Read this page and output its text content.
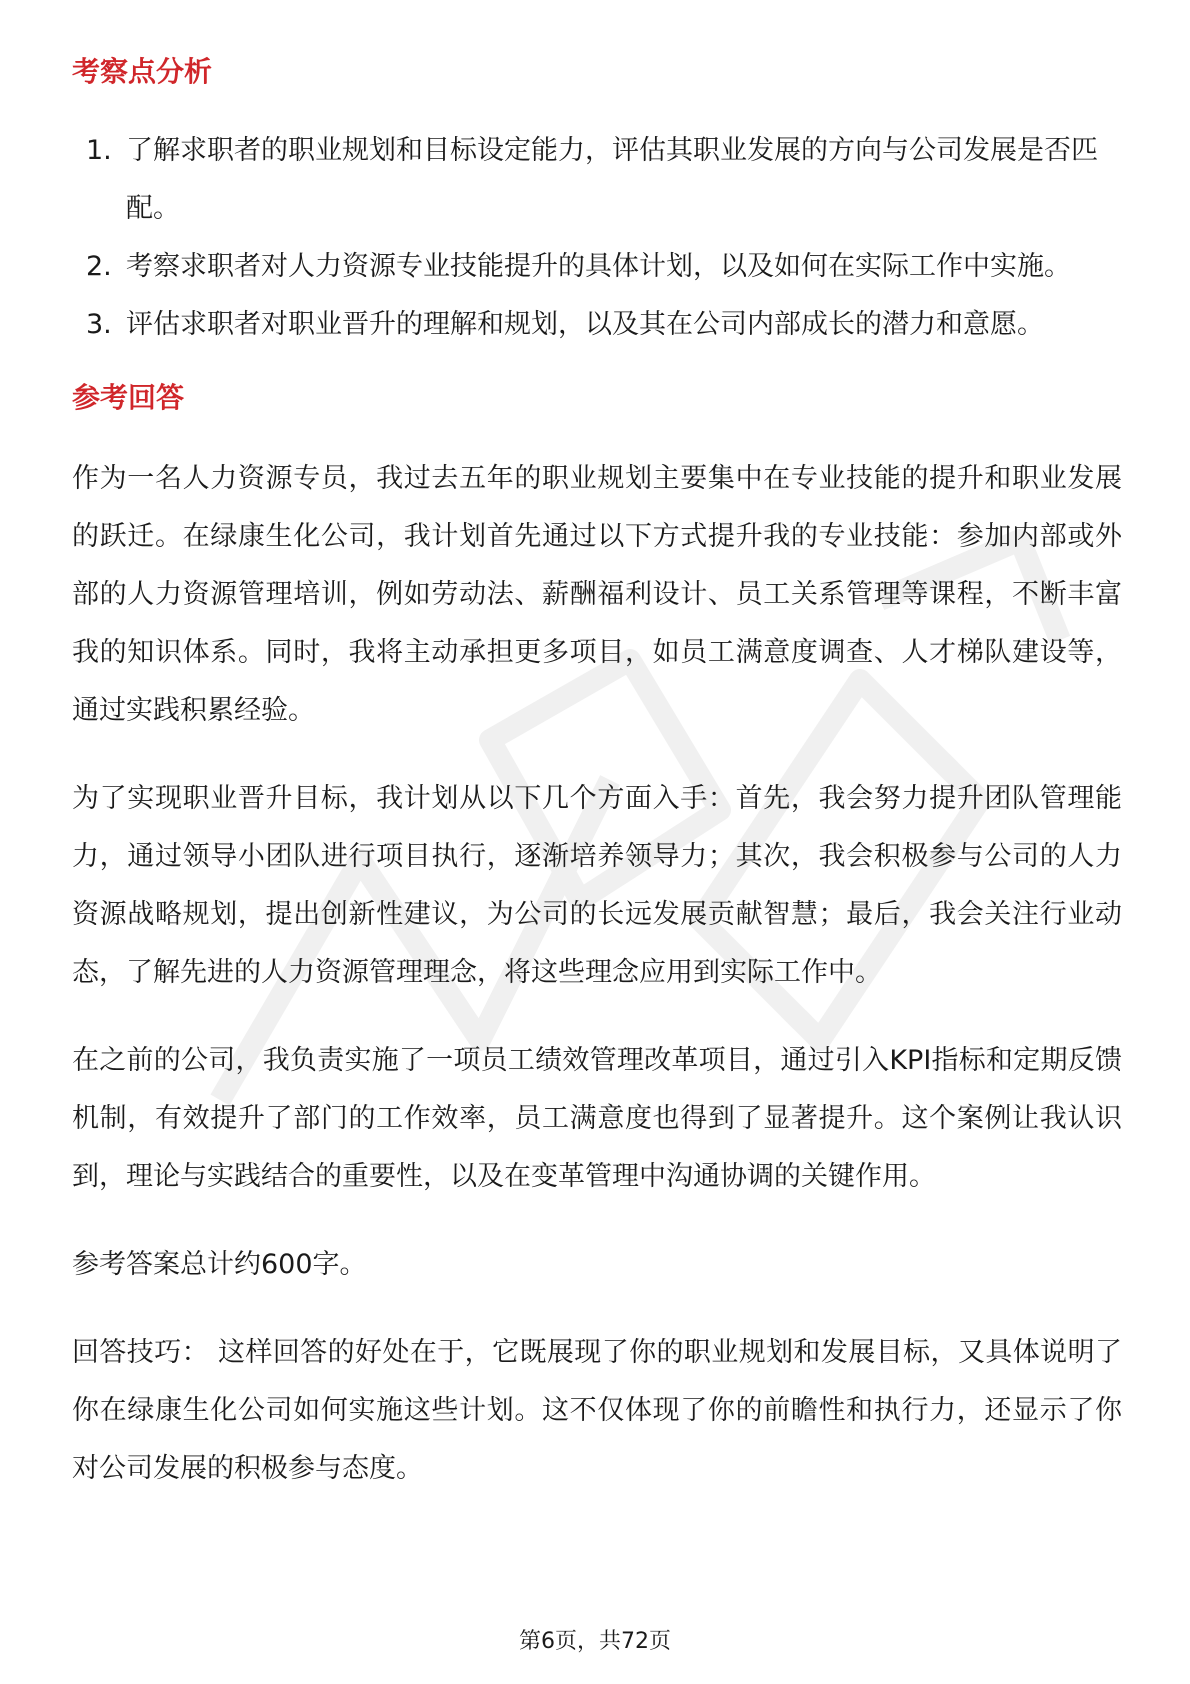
考察点分析
1. 了解求职者的职业规划和目标设定能力，评估其职业发展的方向与公司发展是否匹配。
2. 考察求职者对人力资源专业技能提升的具体计划，以及如何在实际工作中实施。
3. 评估求职者对职业晋升的理解和规划，以及其在公司内部成长的潜力和意愿。
参考回答

作为一名人力资源专员，我过去五年的职业规划主要集中在专业技能的提升和职业发展的跃迁。在绿康生化公司，我计划首先通过以下方式提升我的专业技能：参加内部或外部的人力资源管理培训，例如劳动法、薪酬福利设计、员工关系管理等课程，不断丰富我的知识体系。同时，我将主动承担更多项目，如员工满意度调查、人才梯队建设等，通过实践积累经验。

为了实现职业晋升目标，我计划从以下几个方面入手：首先，我会努力提升团队管理能力，通过领导小团队进行项目执行，逐渐培养领导力；其次，我会积极参与公司的人力资源战略规划，提出创新性建议，为公司的长远发展贡献智慧；最后，我会关注行业动态，了解先进的人力资源管理理念，将这些理念应用到实际工作中。

在之前的公司，我负责实施了一项员工绩效管理改革项目，通过引入KPI指标和定期反馈机制，有效提升了部门的工作效率，员工满意度也得到了显著提升。这个案例让我认识到，理论与实践结合的重要性，以及在变革管理中沟通协调的关键作用。

参考答案总计约600字。

回答技巧： 这样回答的好处在于，它既展现了你的职业规划和发展目标，又具体说明了你在绿康生化公司如何实施这些计划。这不仅体现了你的前瞻性和执行力，还显示了你对公司发展的积极参与态度。

第6页，共72页
